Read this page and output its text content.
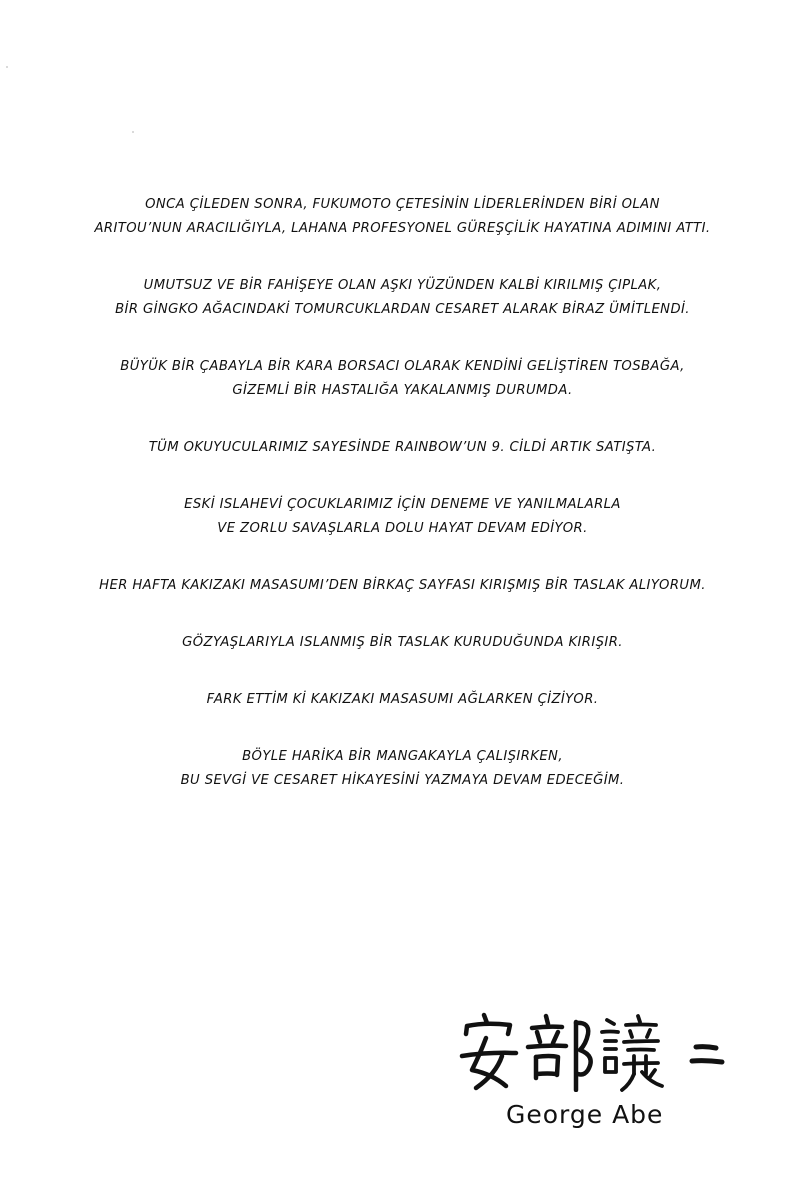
ONCA ÇİLEDEN SONRA, FUKUMOTO ÇETESİNİN LİDERLERİNDEN BİRİ OLAN
ARITOU’NUN ARACILIĞIYLA, LAHANA PROFESYONEL GÜREŞÇİLİK HAYATINA ADIMINI ATTI.
UMUTSUZ VE BİR FAHİŞEYE OLAN AŞKI YÜZÜNDEN KALBİ KIRILMIŞ ÇIPLAK,
BİR GİNGKO AĞACINDAKİ TOMURCUKLARDAN CESARET ALARAK BİRAZ ÜMİTLENDİ.
BÜYÜK BİR ÇABAYLA BİR KARA BORSACI OLARAK KENDİNİ GELİŞTİREN TOSBAĞA,
GİZEMLİ BİR HASTALIĞA YAKALANMIŞ DURUMDA.
TÜM OKUYUCULARIMIZ SAYESİNDE RAINBOW’UN 9. CİLDİ ARTIK SATIŞTA.
ESKİ ISLAHEVİ ÇOCUKLARIMIZ İÇİN DENEME VE YANILMALARLA
VE ZORLU SAVAŞLARLA DOLU HAYAT DEVAM EDİYOR.
HER HAFTA KAKIZAKI MASASUMI’DEN BİRKAÇ SAYFASI KIRIŞMIŞ BİR TASLAK ALIYORUM.
GÖZYAŞLARIYLA ISLANMIŞ BİR TASLAK KURUDUĞUNDA KIRIŞIR.
FARK ETTİM Kİ KAKIZAKI MASASUMI AĞLARKEN ÇİZİYOR.
BÖYLE HARİKA BİR MANGAKAYLA ÇALIŞIRKEN,
BU SEVGİ VE CESARET HİKAYESİNİ YAZMAYA DEVAM EDECEĞİM.
George Abe
